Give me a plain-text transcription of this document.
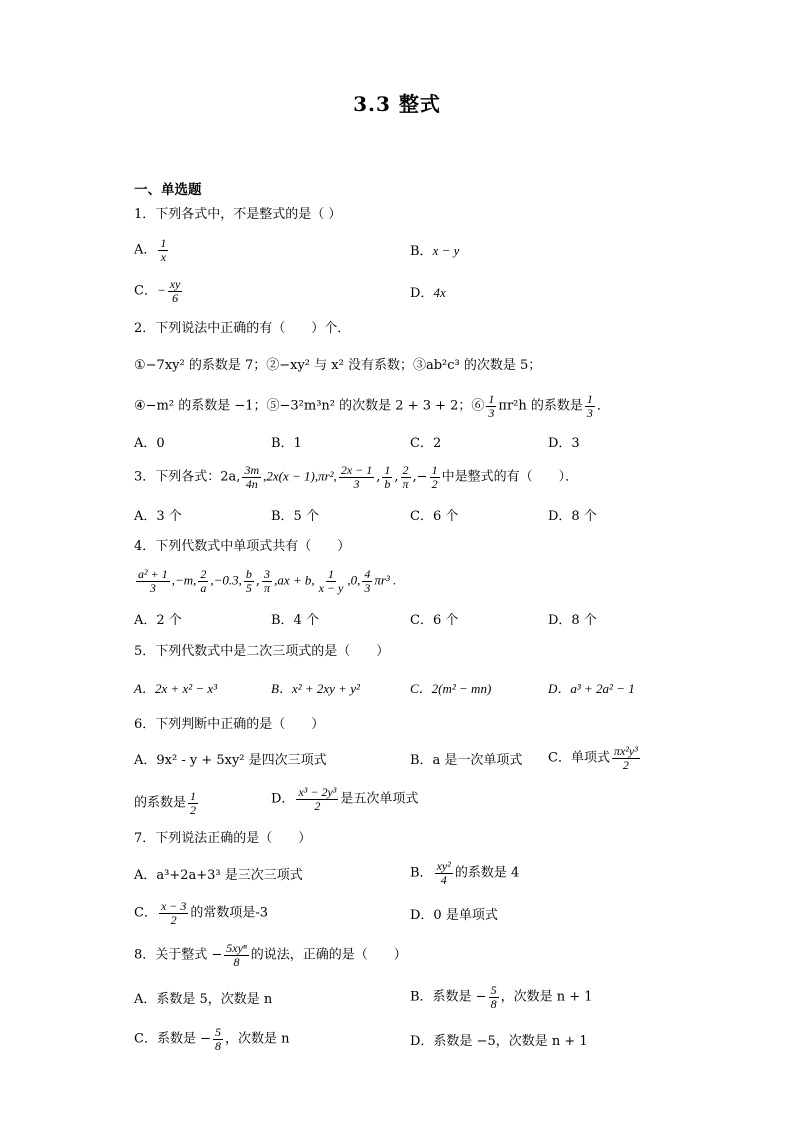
3.3 整式
一、单选题
1．下列各式中，不是整式的是（ ）
A． $\frac{1}{x}$	B．x − y
C．− $\frac{xy}{6}$	D．4x
2．下列说法中正确的有（　　）个．
①−7xy² 的系数是 7；②−xy² 与 x² 没有系数；③ab²c³ 的次数是 5；
④−m² 的系数是 −1；⑤−3²m³n² 的次数是 2 + 3 + 2；⑥ $\frac{1}{3} \pi r^2h$ 的系数是 $\frac{1}{3}$ ．
A．0	B．1	C．2	D．3
3．下列各式：2a, $\frac{3m}{4n} ,2x(x - 1),\pi r^2$, $\frac{2x - 1}{3}$ , $\frac{1}{b}$ , $\frac{2}{\pi}$ ,− $\frac{1}{2}$ 中是整式的有（　　）．
A．3 个	B．5 个	C．6 个	D．8 个
4．下列代数式中单项式共有（　　）
$\frac{\text{a² + 1}}{3} ,-m$, $\frac{2}{a} ,-0.3$, $\frac{b}{5}$ , $\frac{3}{\pi} ,ax + b$, $\frac{1}{x - y} ,0$, $\frac{4}{3} \pi r^3$ .
A．2 个	B．4 个	C．6 个	D．8 个
5．下列代数式中是二次三项式的是（　　）
A．2x + x² − x³	B．x² + 2xy + y²	C．2(m² − mn)	D．a³ + 2a² − 1
6．下列判断中正确的是（　　）
A．9x² - y + 5xy² 是四次三项式	B．a 是一次单项式 C．单项式 $\frac{\text{πx²y³}}{2}$
的系数是 $\frac{1}{2}$	D． $\frac{\text{x³ − 2y³}}{2}$ 是五次单项式
7．下列说法正确的是（　　）
A．a³+2a+3³ 是三次三项式	B． $\frac{\text{xy²}}{4}$ 的系数是 4
C． $\frac{x - 3}{2}$ 的常数项是-3	D．0 是单项式
8．关于整式 − $\frac{\text{5xyⁿ}}{8}$ 的说法，正确的是（　　）
A．系数是 5，次数是 n	B．系数是 − $\frac{5}{8}$ ，次数是 n + 1
C．系数是 − $\frac{5}{8}$ ，次数是 n	D．系数是 −5，次数是 n + 1
